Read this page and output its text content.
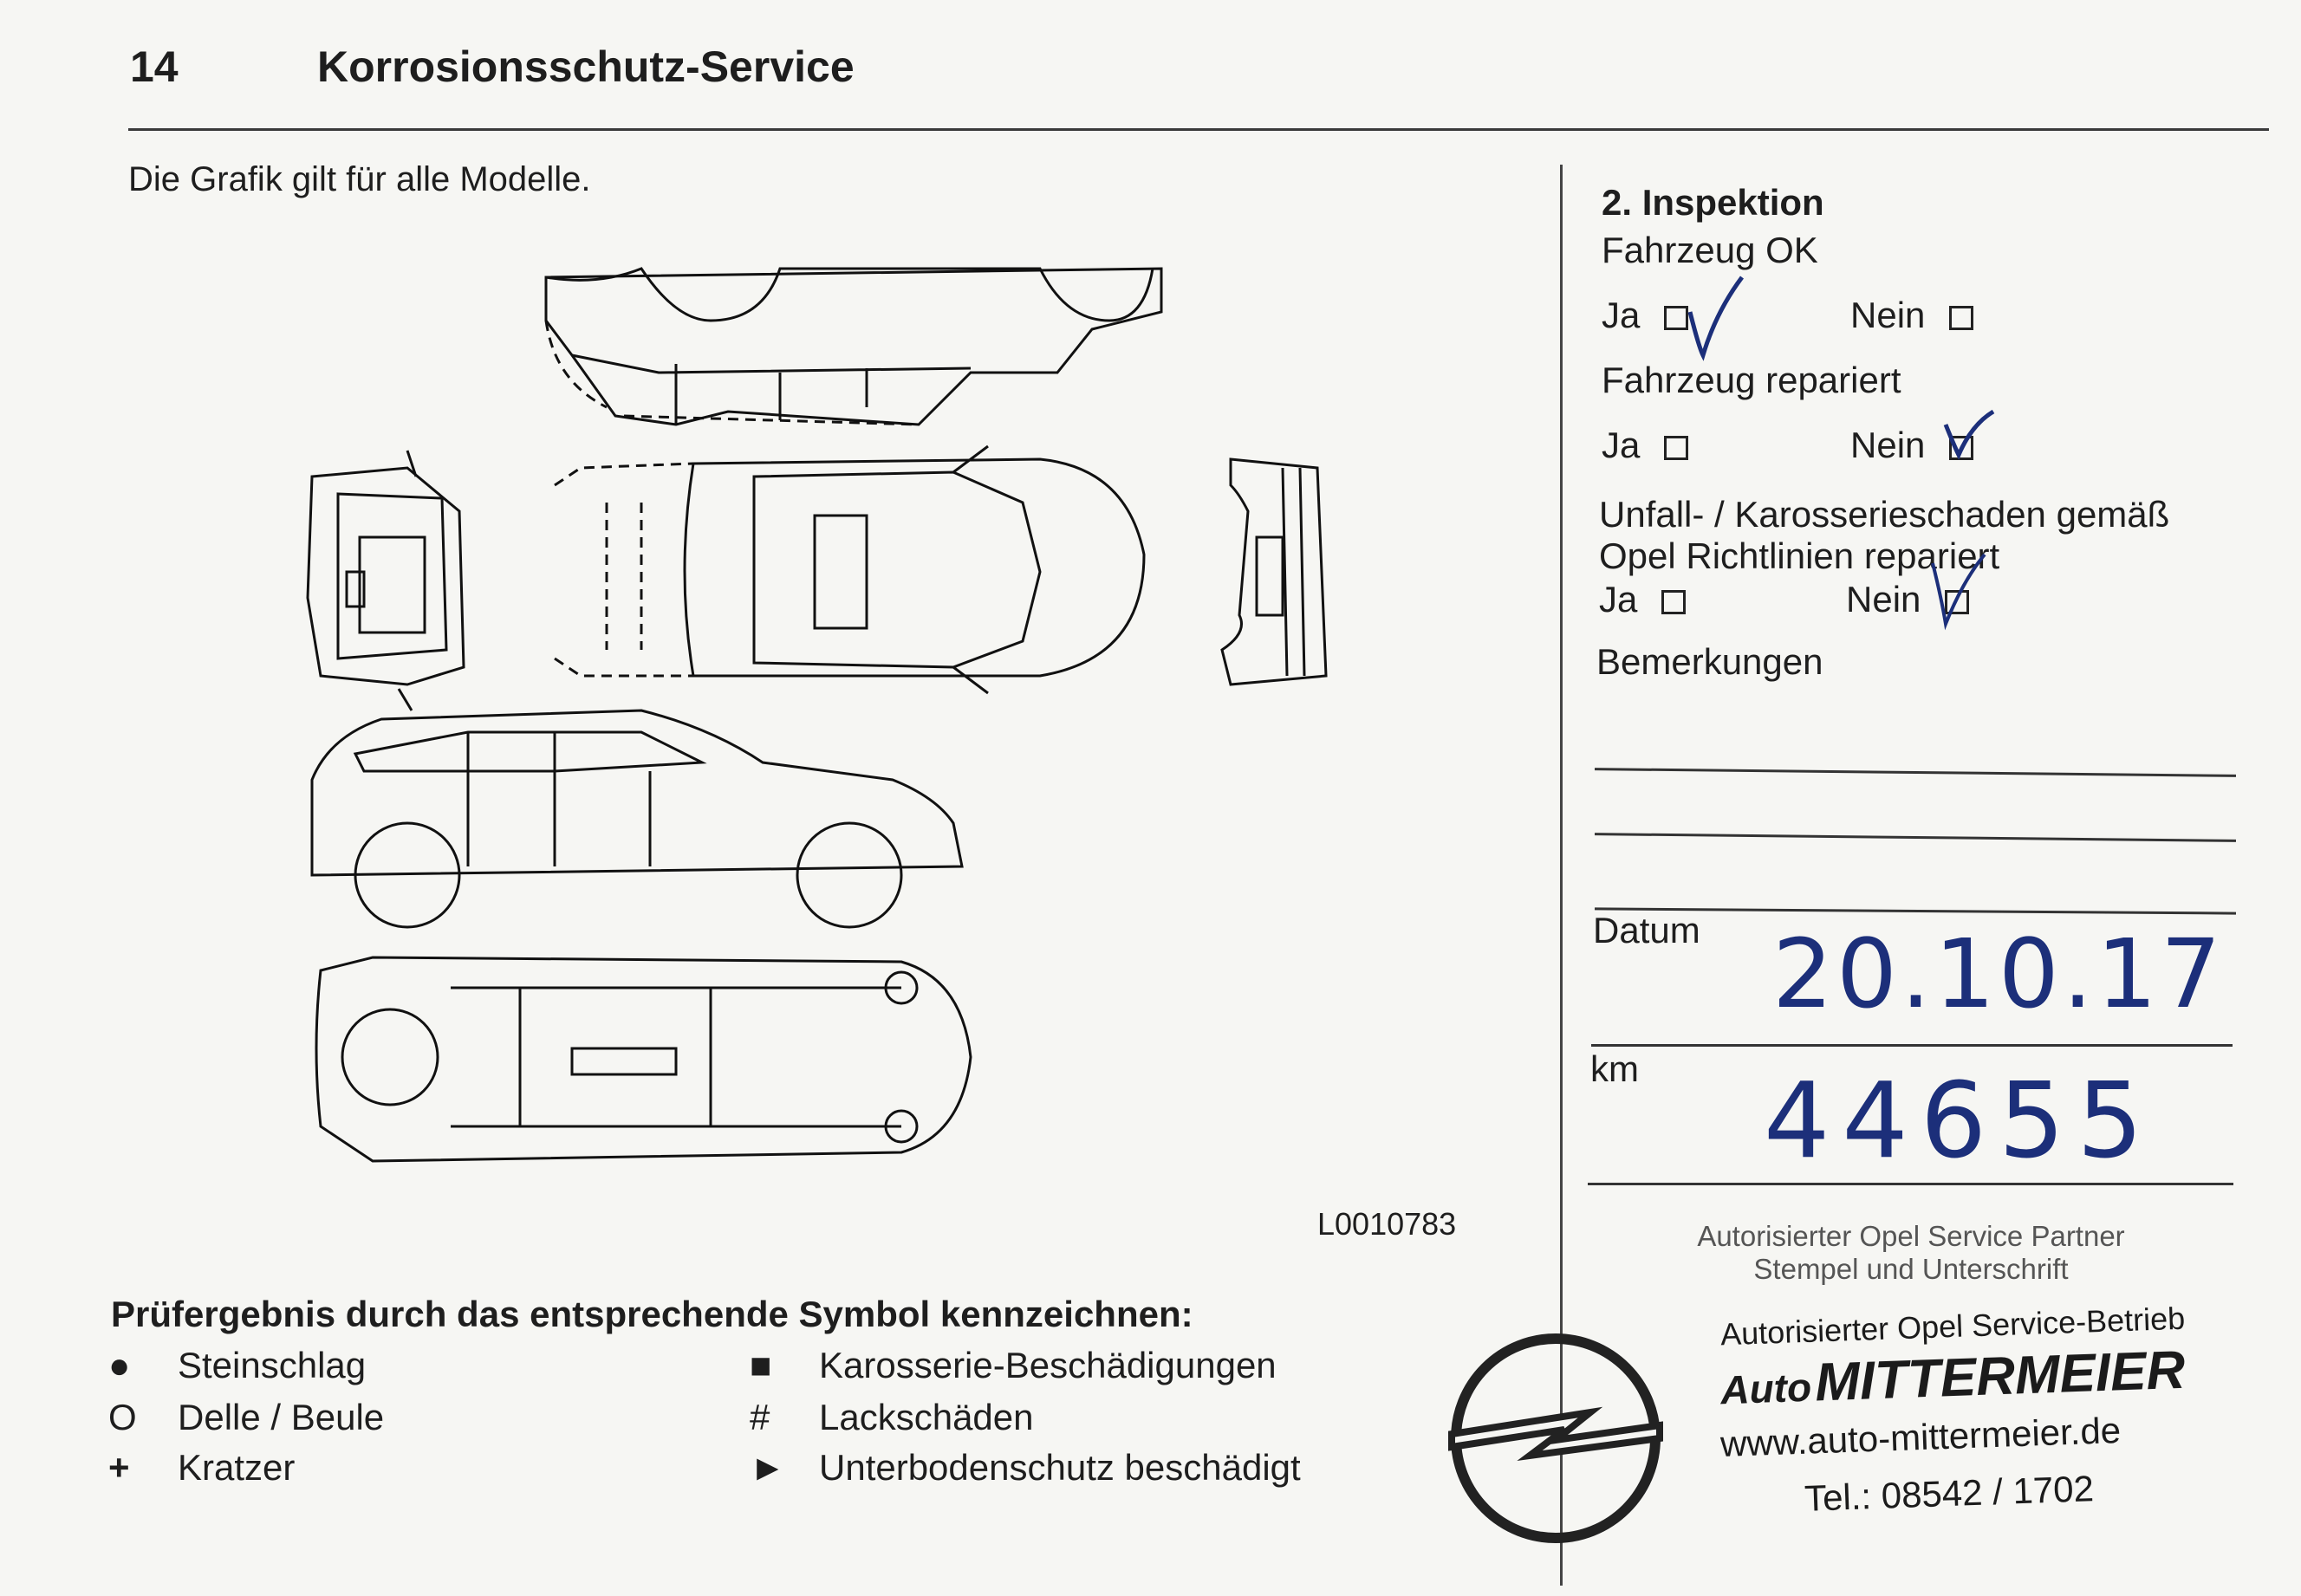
14	Korrosionsschutz-Service
Die Grafik gilt für alle Modelle.
L0010783
2. Inspektion
Fahrzeug OK
Ja	Nein
Fahrzeug repariert
Ja	Nein
Unfall- / Karosserieschaden gemäß
Opel Richtlinien repariert
Ja	Nein
Bemerkungen
Datum 20.10.17
km 44655
Autorisierter Opel Service Partner
Stempel und Unterschrift
Prüfergebnis durch das entsprechende Symbol kennzeichnen:
● Steinschlag
O Delle / Beule
+ Kratzer
■ Karosserie-Beschädigungen
# Lackschäden
► Unterbodenschutz beschädigt
Autorisierter Opel Service-Betrieb
Auto MITTERMEIER
www.auto-mittermeier.de
Tel.: 08542 / 1702
